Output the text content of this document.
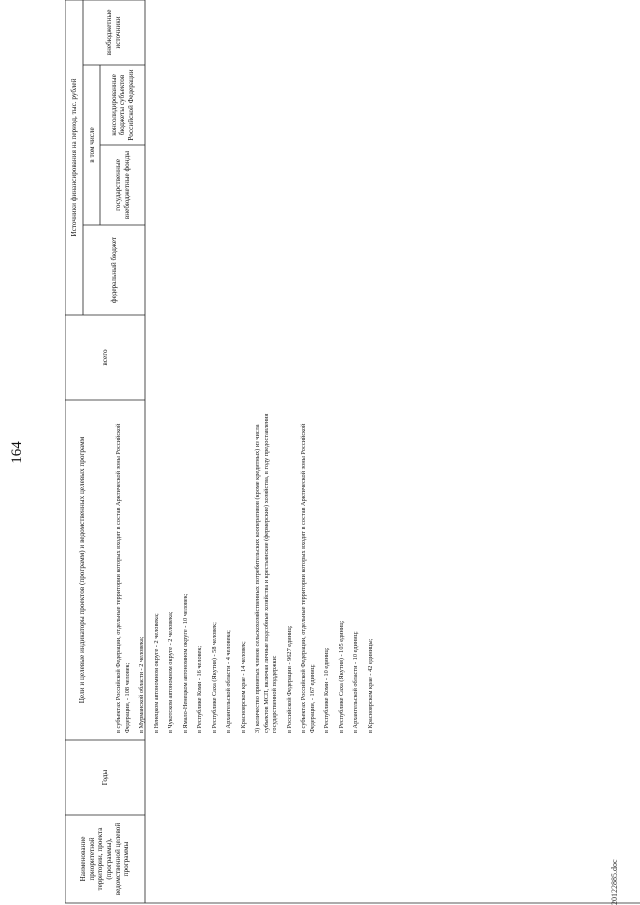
164
Наименование приоритетной территории, проекта (программы), ведомственной целевой программы
Годы
Цели и целевые индикаторы проектов (программ) и ведомственных целевых программ
всего
Источники финансирования на период, тыс. рублей
федеральный бюджет
в том числе
государственные внебюджетные фонды
консолидированные бюджеты субъектов Российской Федерации
внебюджетные источники

в субъектах Российской Федерации, отдельные территории которых входят в состав Арктической зоны Российской Федерации, - 108 человек; в Мурманской области - 2 человека; в Ненецком автономном округе - 2 человека; в Чукотском автономном округе - 2 человека; в Ямало-Ненецком автономном округе - 10 человек; в Республике Коми - 16 человек; в Республике Саха (Якутия) - 58 человек; в Архангельской области - 4 человека; в Красноярском крае - 14 человек; 3) количество принятых членов сельскохозяйственных потребительских кооперативов (кроме кредитных) из числа субъектов МСП, включая личные подсобные хозяйства и крестьянские (фермерские) хозяйства, в году предоставления государственной поддержки: в Российской Федерации - 9627 единиц; в субъектах Российской Федерации, отдельные территории которых входят в состав Арктической зоны Российской Федерации, - 167 единиц; в Республике Коми - 10 единиц; в Республике Саха (Якутия) - 105 единиц; в Архангельской области - 10 единиц; в Красноярском крае - 42 единицы;

20122885.doc
